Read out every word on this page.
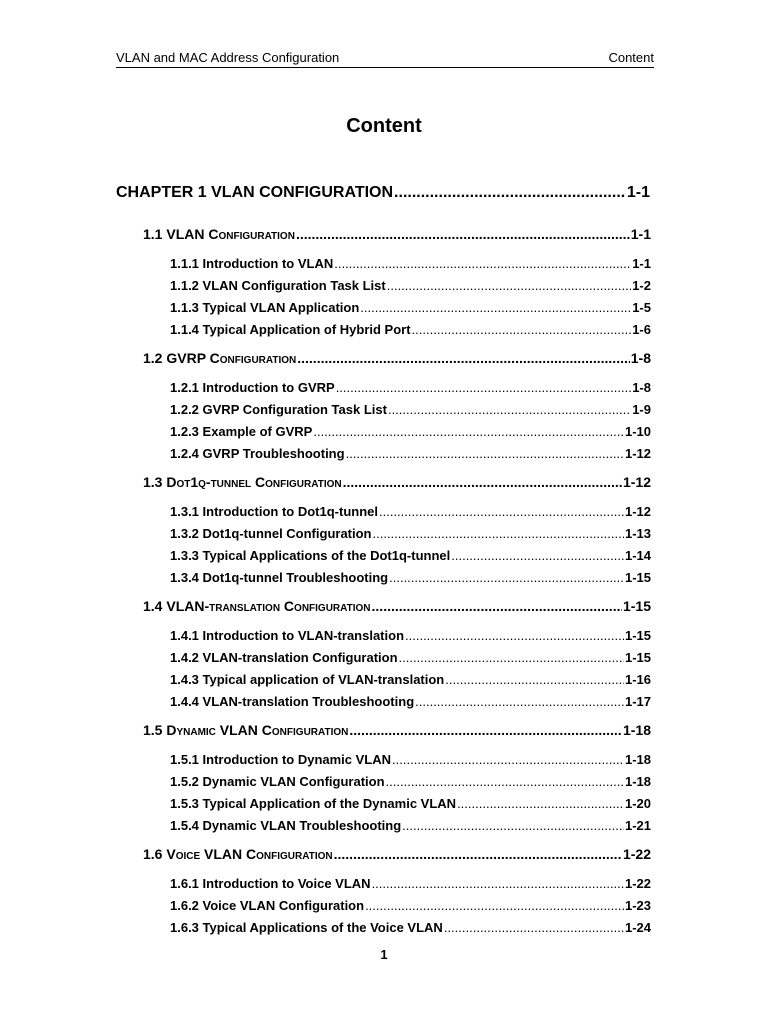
VLAN and MAC Address Configuration	Content
Content
CHAPTER 1 VLAN CONFIGURATION .....	1-1
1.1 VLAN Configuration .....	1-1
1.1.1 Introduction to VLAN .....	1-1
1.1.2 VLAN Configuration Task List .....	1-2
1.1.3 Typical VLAN Application .....	1-5
1.1.4 Typical Application of Hybrid Port .....	1-6
1.2 GVRP Configuration .....	1-8
1.2.1 Introduction to GVRP .....	1-8
1.2.2 GVRP Configuration Task List .....	1-9
1.2.3 Example of GVRP .....	1-10
1.2.4 GVRP Troubleshooting .....	1-12
1.3 Dot1q-tunnel Configuration .....	1-12
1.3.1 Introduction to Dot1q-tunnel .....	1-12
1.3.2 Dot1q-tunnel Configuration .....	1-13
1.3.3 Typical Applications of the Dot1q-tunnel .....	1-14
1.3.4 Dot1q-tunnel Troubleshooting .....	1-15
1.4 VLAN-translation Configuration .....	1-15
1.4.1 Introduction to VLAN-translation .....	1-15
1.4.2 VLAN-translation Configuration .....	1-15
1.4.3 Typical application of VLAN-translation .....	1-16
1.4.4 VLAN-translation Troubleshooting .....	1-17
1.5 Dynamic VLAN Configuration .....	1-18
1.5.1 Introduction to Dynamic VLAN .....	1-18
1.5.2 Dynamic VLAN Configuration .....	1-18
1.5.3 Typical Application of the Dynamic VLAN .....	1-20
1.5.4 Dynamic VLAN Troubleshooting .....	1-21
1.6 Voice VLAN Configuration .....	1-22
1.6.1 Introduction to Voice VLAN .....	1-22
1.6.2 Voice VLAN Configuration .....	1-23
1.6.3 Typical Applications of the Voice VLAN .....	1-24
1
